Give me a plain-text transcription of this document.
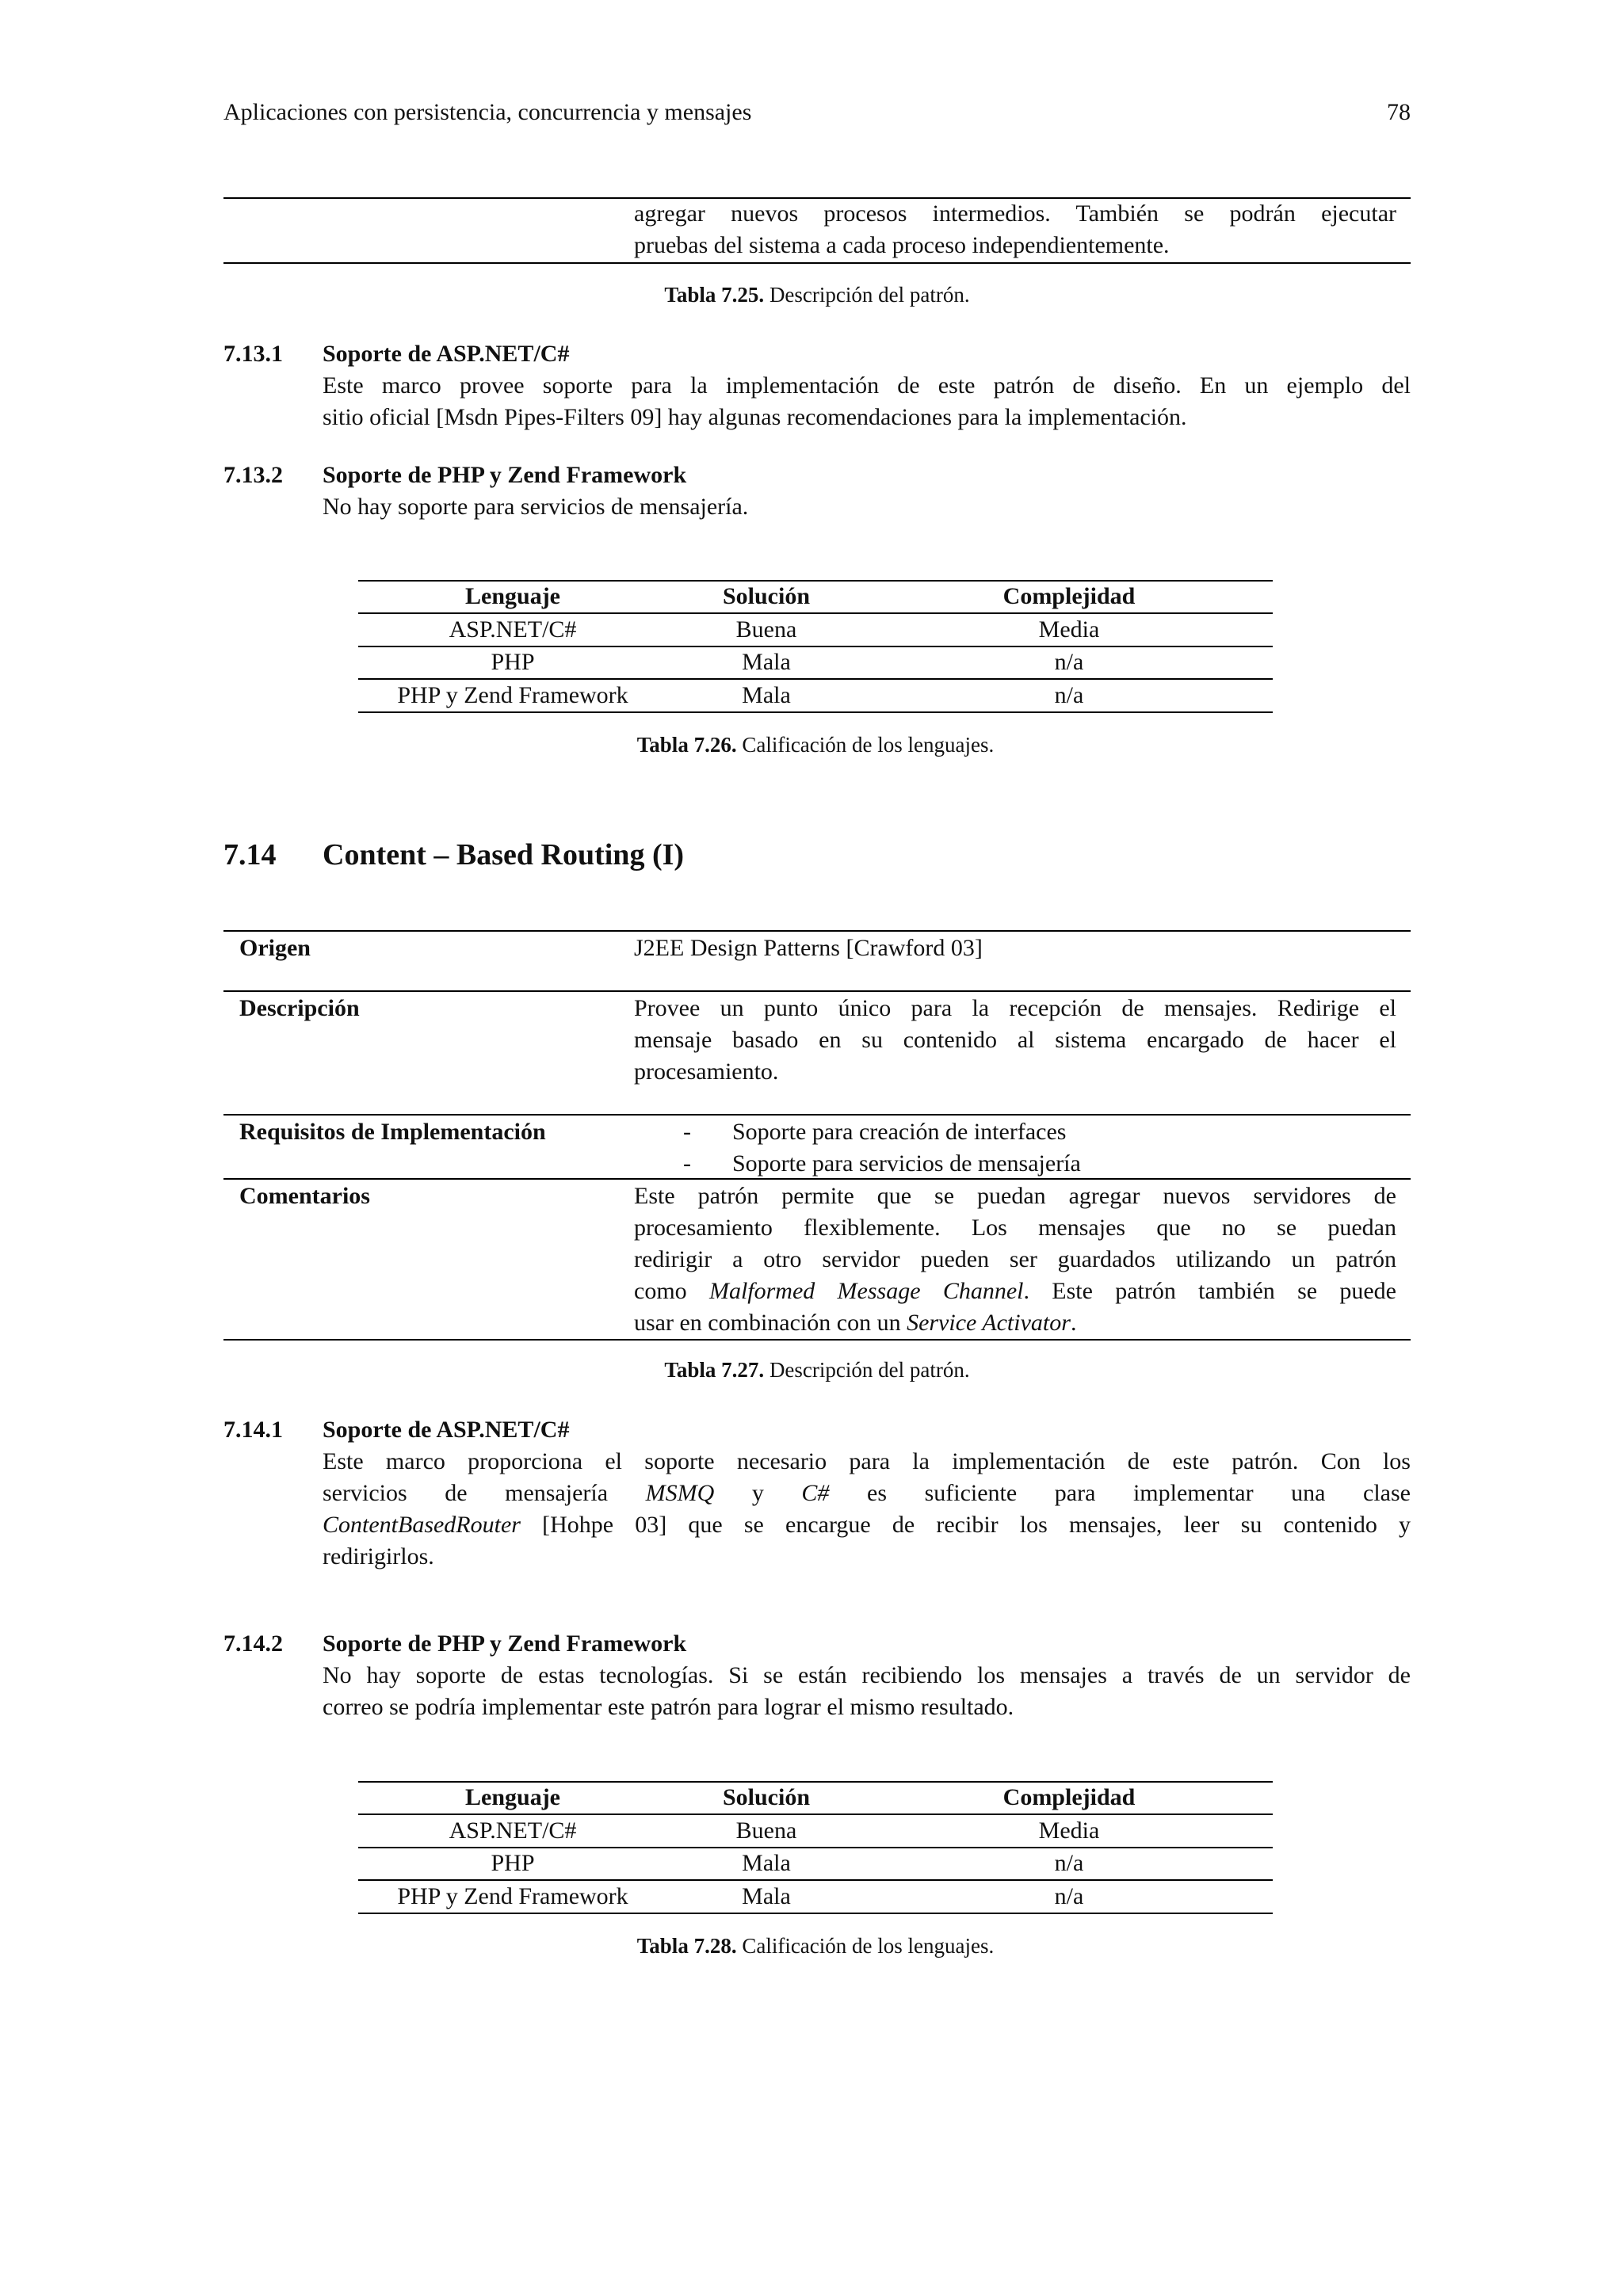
Aplicaciones con persistencia, concurrencia y mensajes	78
agregar nuevos procesos intermedios. También se podrán ejecutar
pruebas del sistema a cada proceso independientemente.
Tabla 7.25. Descripción del patrón.
7.13.1 Soporte de ASP.NET/C#
Este marco provee soporte para la implementación de este patrón de diseño. En un ejemplo del
sitio oficial [Msdn Pipes-Filters 09] hay algunas recomendaciones para la implementación.
7.13.2 Soporte de PHP y Zend Framework
No hay soporte para servicios de mensajería.
Lenguaje	Solución	Complejidad
ASP.NET/C#	Buena	Media
PHP	Mala	n/a
PHP y Zend Framework	Mala	n/a
Tabla 7.26. Calificación de los lenguajes.
7.14 Content – Based Routing (I)
Origen	J2EE Design Patterns [Crawford 03]
Descripción	Provee un punto único para la recepción de mensajes. Redirige el
mensaje basado en su contenido al sistema encargado de hacer el
procesamiento.
Requisitos de Implementación	- Soporte para creación de interfaces
- Soporte para servicios de mensajería
Comentarios	Este patrón permite que se puedan agregar nuevos servidores de
procesamiento flexiblemente. Los mensajes que no se puedan
redirigir a otro servidor pueden ser guardados utilizando un patrón
como Malformed Message Channel. Este patrón también se puede
usar en combinación con un Service Activator.
Tabla 7.27. Descripción del patrón.
7.14.1 Soporte de ASP.NET/C#
Este marco proporciona el soporte necesario para la implementación de este patrón. Con los
servicios de mensajería MSMQ y C# es suficiente para implementar una clase
ContentBasedRouter [Hohpe 03] que se encargue de recibir los mensajes, leer su contenido y
redirigirlos.
7.14.2 Soporte de PHP y Zend Framework
No hay soporte de estas tecnologías. Si se están recibiendo los mensajes a través de un servidor de
correo se podría implementar este patrón para lograr el mismo resultado.
Lenguaje	Solución	Complejidad
ASP.NET/C#	Buena	Media
PHP	Mala	n/a
PHP y Zend Framework	Mala	n/a
Tabla 7.28. Calificación de los lenguajes.
